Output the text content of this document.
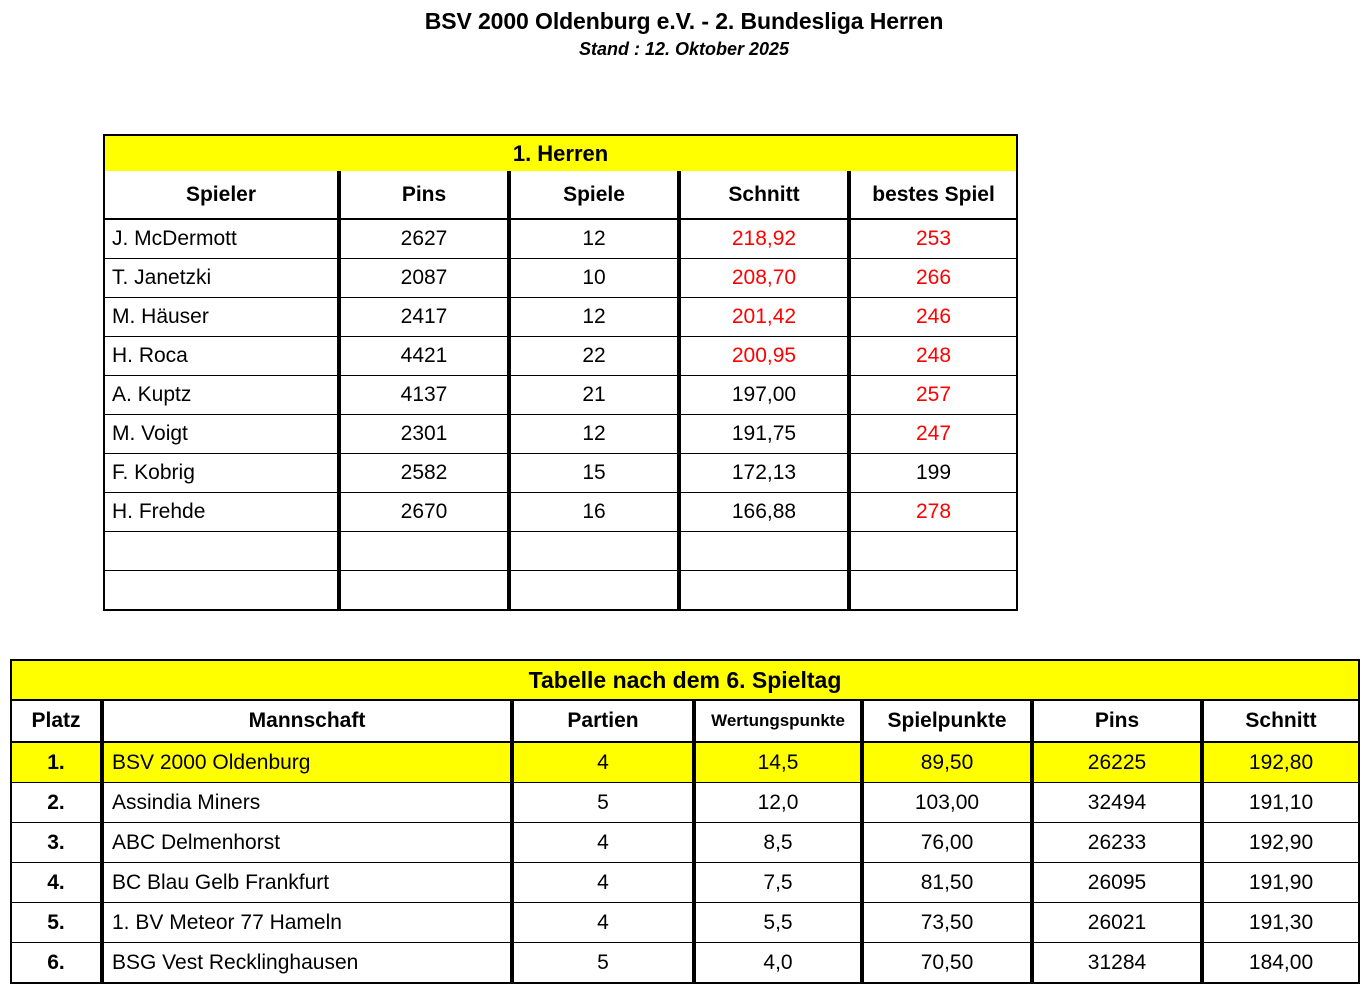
BSV 2000 Oldenburg e.V. - 2. Bundesliga Herren
Stand : 12. Oktober 2025
1. Herren				
Spieler	Pins	Spiele	Schnitt	bestes Spiel
J. McDermott	2627	12	218,92	253
T. Janetzki	2087	10	208,70	266
M. Häuser	2417	12	201,42	246
H. Roca	4421	22	200,95	248
A. Kuptz	4137	21	197,00	257
M. Voigt	2301	12	191,75	247
F. Kobrig	2582	15	172,13	199
H. Frehde	2670	16	166,88	278

Tabelle nach dem 6. Spieltag						
Platz	Mannschaft	Partien	Wertungspunkte	Spielpunkte	Pins	Schnitt
1.	BSV 2000 Oldenburg	4	14,5	89,50	26225	192,80
2.	Assindia Miners	5	12,0	103,00	32494	191,10
3.	ABC Delmenhorst	4	8,5	76,00	26233	192,90
4.	BC Blau Gelb Frankfurt	4	7,5	81,50	26095	191,90
5.	1. BV Meteor 77 Hameln	4	5,5	73,50	26021	191,30
6.	BSG Vest Recklinghausen	5	4,0	70,50	31284	184,00
